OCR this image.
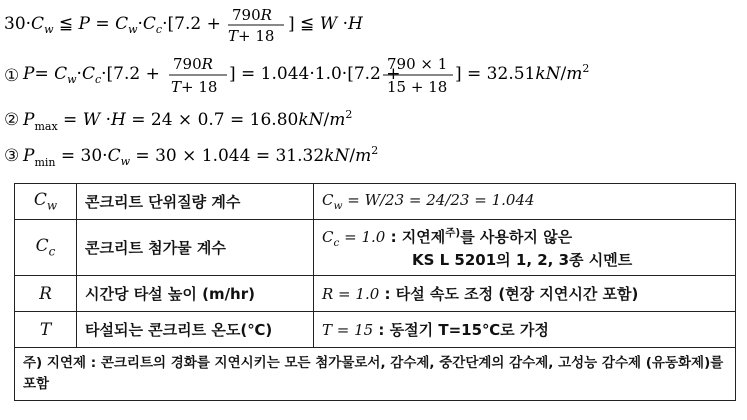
$30\cdot C_w$ ≦ $P = C_w\cdot C_c\cdot[7.2 + 790R$
T+ 18
] ≦ W ·H
① $P= C_w\cdot C_c\cdot[7.2 + 790R$
T+ 18
] = 1.044·1.0·[7.2 +
790 × 1
15 + 18
] = $32.51kN/m^2$
② $P_{max} = W \cdot H = 24 \times 0.7 = 16.80kN/m^2$
③ $P_{min} = 30\cdot C_w = 30 \times 1.044 = 31.32kN/m^2$
$C_w$	콘크리트 단위질량 계수	$C_w = W/23 = 24/23 = 1.044$
$C_c$	콘크리트 첨가물 계수	$C_c = 1.0$ : 지연제$^{주)}$를 사용하지 않은
KS L 5201의 1, 2, 3종 시멘트

R	시간당 타설 높이 (m/hr)	R = 1.0 : 타설 속도 조정 (현장 지연시간 포함)
T	타설되는 콘크리트 온도(℃)	T = 15 : 동절기 T=15℃로 가정
주) 지연제 : 콘크리트의 경화를 지연시키는 모든 첨가물로서, 감수제, 중간단계의 감수제, 고성능 감수제 (유동화제)를 포함		
